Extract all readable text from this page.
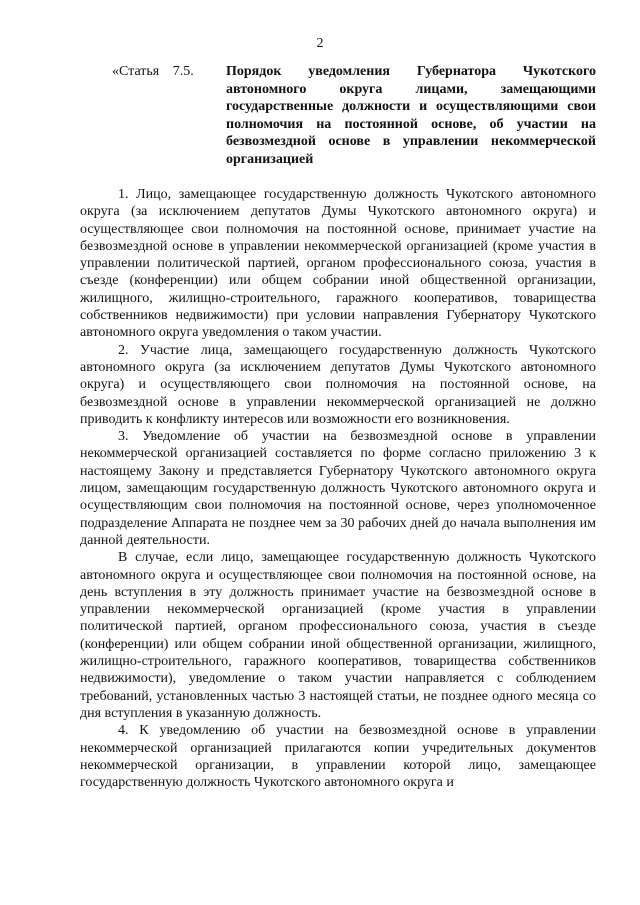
2
«Статья 7.5.	Порядок уведомления Губернатора Чукотского автономного округа лицами, замещающими государственные должности и осуществляющими свои полномочия на постоянной основе, об участии на безвозмездной основе в управлении некоммерческой организацией

1. Лицо, замещающее государственную должность Чукотского автономного округа (за исключением депутатов Думы Чукотского автономного округа) и осуществляющее свои полномочия на постоянной основе, принимает участие на безвозмездной основе в управлении некоммерческой организацией (кроме участия в управлении политической партией, органом профессионального союза, участия в съезде (конференции) или общем собрании иной общественной организации, жилищного, жилищно-строительного, гаражного кооперативов, товарищества собственников недвижимости) при условии направления Губернатору Чукотского автономного округа уведомления о таком участии.

2. Участие лица, замещающего государственную должность Чукотского автономного округа (за исключением депутатов Думы Чукотского автономного округа) и осуществляющего свои полномочия на постоянной основе, на безвозмездной основе в управлении некоммерческой организацией не должно приводить к конфликту интересов или возможности его возникновения.

3. Уведомление об участии на безвозмездной основе в управлении некоммерческой организацией составляется по форме согласно приложению 3 к настоящему Закону и представляется Губернатору Чукотского автономного округа лицом, замещающим государственную должность Чукотского автономного округа и осуществляющим свои полномочия на постоянной основе, через уполномоченное подразделение Аппарата не позднее чем за 30 рабочих дней до начала выполнения им данной деятельности.

В случае, если лицо, замещающее государственную должность Чукотского автономного округа и осуществляющее свои полномочия на постоянной основе, на день вступления в эту должность принимает участие на безвозмездной основе в управлении некоммерческой организацией (кроме участия в управлении политической партией, органом профессионального союза, участия в съезде (конференции) или общем собрании иной общественной организации, жилищного, жилищно-строительного, гаражного кооперативов, товарищества собственников недвижимости), уведомление о таком участии направляется с соблюдением требований, установленных частью 3 настоящей статьи, не позднее одного месяца со дня вступления в указанную должность.

4. К уведомлению об участии на безвозмездной основе в управлении некоммерческой организацией прилагаются копии учредительных документов некоммерческой организации, в управлении которой лицо, замещающее государственную должность Чукотского автономного округа и
